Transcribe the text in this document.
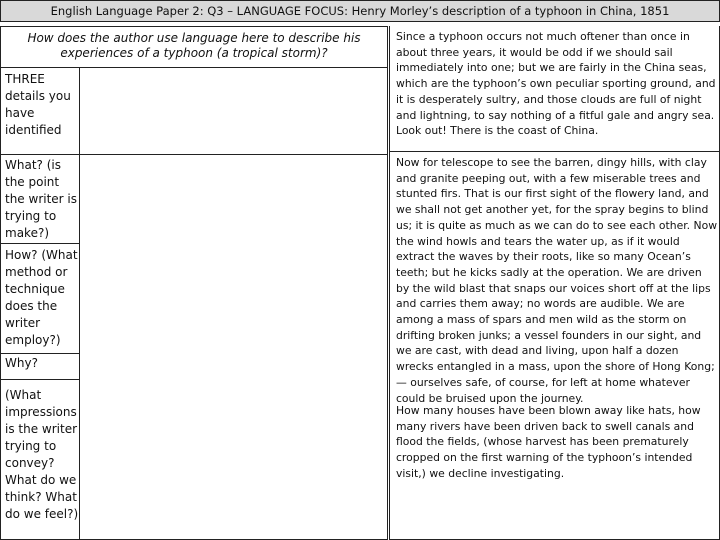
English Language Paper 2: Q3 – LANGUAGE FOCUS: Henry Morley’s description of a typhoon in China, 1851
How does the author use language here to describe his experiences of a typhoon (a tropical storm)?
THREE details you have identified
What? (is the point the writer is trying to make?)
How? (What method or technique does the writer employ?)
Why?
(What impressions is the writer trying to convey? What do we think? What do we feel?)
Since a typhoon occurs not much oftener than once in about three years, it would be odd if we should sail immediately into one; but we are fairly in the China seas, which are the typhoon’s own peculiar sporting ground, and it is desperately sultry, and those clouds are full of night and lightning, to say nothing of a fitful gale and angry sea. Look out! There is the coast of China.
Now for telescope to see the barren, dingy hills, with clay and granite peeping out, with a few miserable trees and stunted firs. That is our first sight of the flowery land, and we shall not get another yet, for the spray begins to blind us; it is quite as much as we can do to see each other. Now the wind howls and tears the water up, as if it would extract the waves by their roots, like so many Ocean’s teeth; but he kicks sadly at the operation. We are driven by the wild blast that snaps our voices short off at the lips and carries them away; no words are audible. We are among a mass of spars and men wild as the storm on drifting broken junks; a vessel founders in our sight, and we are cast, with dead and living, upon half a dozen wrecks entangled in a mass, upon the shore of Hong Kong; — ourselves safe, of course, for left at home whatever could be bruised upon the journey.
How many houses have been blown away like hats, how many rivers have been driven back to swell canals and flood the fields, (whose harvest has been prematurely cropped on the first warning of the typhoon’s intended visit,) we decline investigating.
